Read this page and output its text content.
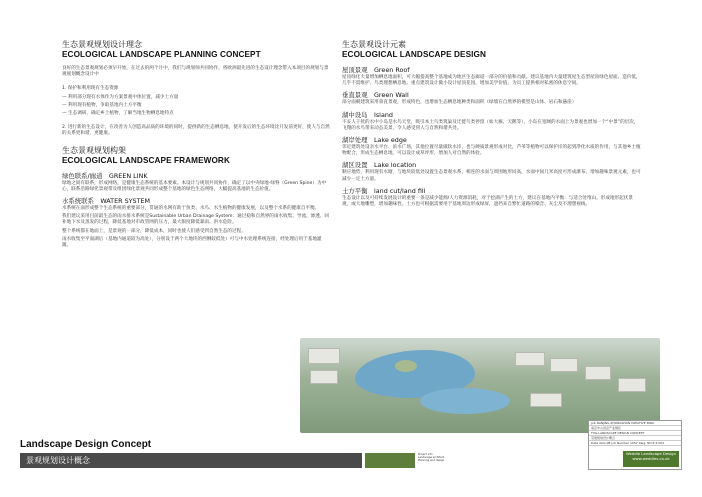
生态景观规划设计理念

ECOLOGICAL LANDSCAPE PLANNING CONCEPT

良好的生态景观规划必须早开始，在过去的两个月中，我们与规划师共同协作，将欧洲最先进的生态设计理念带入本项目的规划与景观规划概念设计中

1. 保护和利用现有生态资源

— 利用部分现有水体作为方案景观中体位置，减少土方量

— 利用现有植物，争取基地内土方平衡

— 生态调研，确定乡土植物，了解当地生物栖息地特点

2. 进行新的生态设计，在改善为人创造高品质的环境的同时，提供新的生态栖息地，使开发后的生态环境比开发前更好，使人与自然的关系更和谐、更健康。

生态景观规划构架

ECOLOGICAL LANDSCAPE FRAMEWORK

绿色联系/廊道　GREEN LINK

绿地之间有联系，形成网络，是健康生态系统的基本要素。本设计与规划共同协作，确定了以中央绿地-绿脊（Green Spine）为中心，联系沿路绿化景观带及组团绿化景观共同形成整个基地的绿色生态网络，大幅提高基地的生态价值。

水系统联系　WATER SYSTEM

水系统在面形成整个生态系统的重要部分，贯通的水网有助于鱼类、水鸟、水生植物的健康发展，以及整个水系的健康自平衡。

我们建议采用目前最生态的雨水排水系统是Sustainable Urban Drainage System：通过稳和自然界的雨水收集、导流、渗透、回补地下水及蒸发的过程，降低基地对市政管网的压力，最大限度降低暴雨、洪水危险。

整个系统都在地面上，是景观的一部分，降低成本，同时也使人们感受到自然生态的过程。

雨水收集至平面湖后（基地内通道较为高处），分别设于两个大地块的西侧较低处）可与中水处理系统连接，经处理后用于基地灌溉。

生态景观设计元素

ECOLOGICAL LANDSCAPE DESIGN

屋顶景观　Green Roof

屋顶绿化大量增加栖息地面积，可大幅提高整个基地成为地区生态廊道一部分的价值和贡献。建议基地内大量建筑屋生态型屋顶绿色屋面、造价低，几乎不需维护，鸟类理想栖息地。重点建筑设计微小设计屋顶花园，增加美学价值，为员工提供相对私密的休息空间。

垂直景观　Green Wall

部分面朝建筑采用垂直景观，形成特色，也增加生态栖息地种类和面积（绿墙在自然界的模型是山体、岩石和悬崖）

湖中设岛　Island

不妥人干扰的水中小岛是水鸟天堂，吸引本土鸟类筑巢及迁徙鸟类停留（如大雁、天鹅等），小岛在宽阔的水面上为景观也增加一个“中景”的层次，飞翔的水鸟带来动态美景，令人感受到人与自然和谐共处。

湖岸处理　Lake edge

邻近建筑处设亲水平台、滨水广场，其他位置尽量做软水岸，也与硬质景观形成对比，芦苇等植物可以保护岸的起到净化水质的作用，与其他乡土植物配合，形成生态栖息地，可以设计成草坪形，增加人对自然的体验。

湖区设置　Lake location

顺应地势，利用现有水塘，与地块较低处设置生态景观水系，相连的水面与周围地形同高，水面中间几米高度可形成瀑布，增加趣味景观元素，也可减少一定土方量。

土方平衡　land cut/land fill

生态设计以及可持续发展设计的重要一条是减少能源/人力资源消耗，对于挖湖产生的土方，建议在基地内平衡：与适合处堆山，形成地形起伏景观，或大地雕塑，增加趣味性。土方也可根据需要用于基地周边形成绿屏，遮挡来自繁忙道路的噪音、灰尘及不理想视线。

Landscape Design Concept
景观规划设计概念
Project info
Landscape architect
Planning and design
Job NANJING ZHONGSHAN CREATIVE PARK
南京中山创意产业园区
Title LANDSCAPE DESIGN CONCEPT
景观规划设计概念
Date AUG.08 Job Number 1057 Dwg. NO.P 4-004
Weddle Landscape Design
www.weddles.co.uk
